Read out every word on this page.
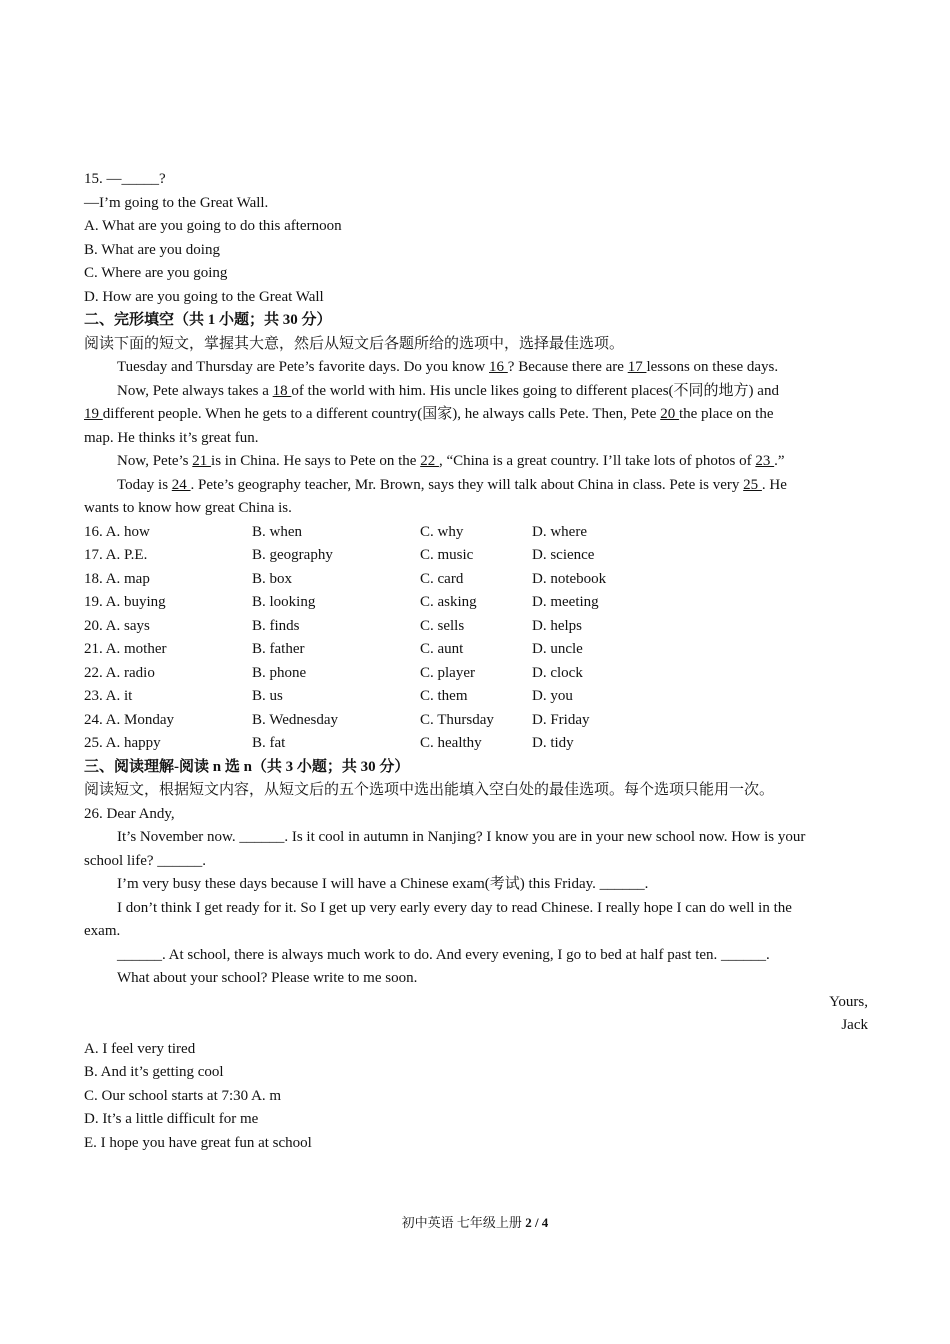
15. —_____?
—I’m going to the Great Wall.
A. What are you going to do this afternoon
B. What are you doing
C. Where are you going
D. How are you going to the Great Wall
二、完形填空（共 1 小题；共 30 分）
阅读下面的短文，掌握其大意，然后从短文后各题所给的选项中，选择最佳选项。
Tuesday and Thursday are Pete’s favorite days. Do you know 16 ? Because there are 17 lessons on these days.
Now, Pete always takes a 18 of the world with him. His uncle likes going to different places(不同的地方) and
19 different people. When he gets to a different country(国家), he always calls Pete. Then, Pete 20 the place on the
map. He thinks it’s great fun.
Now, Pete’s 21 is in China. He says to Pete on the 22 , “China is a great country. I’ll take lots of photos of 23 .”
Today is 24 . Pete’s geography teacher, Mr. Brown, says they will talk about China in class. Pete is very 25 . He
wants to know how great China is.
16. A. how	B. when	C. why	D. where
17. A. P.E.	B. geography	C. music	D. science
18. A. map	B. box	C. card	D. notebook
19. A. buying	B. looking	C. asking	D. meeting
20. A. says	B. finds	C. sells	D. helps
21. A. mother	B. father	C. aunt	D. uncle
22. A. radio	B. phone	C. player	D. clock
23. A. it	B. us	C. them	D. you
24. A. Monday	B. Wednesday	C. Thursday	D. Friday
25. A. happy	B. fat	C. healthy	D. tidy
三、阅读理解-阅读 n 选 n（共 3 小题；共 30 分）
阅读短文，根据短文内容，从短文后的五个选项中选出能填入空白处的最佳选项。每个选项只能用一次。
26. Dear Andy,
It’s November now. ______. Is it cool in autumn in Nanjing? I know you are in your new school now. How is your
school life? ______.
I’m very busy these days because I will have a Chinese exam(考试) this Friday. ______.
I don’t think I get ready for it. So I get up very early every day to read Chinese. I really hope I can do well in the
exam.
______. At school, there is always much work to do. And every evening, I go to bed at half past ten. ______.
What about your school? Please write to me soon.
Yours,
Jack
A. I feel very tired
B. And it’s getting cool
C. Our school starts at 7:30 A. m
D. It’s a little difficult for me
E. I hope you have great fun at school
初中英语 七年级上册 2 / 4
